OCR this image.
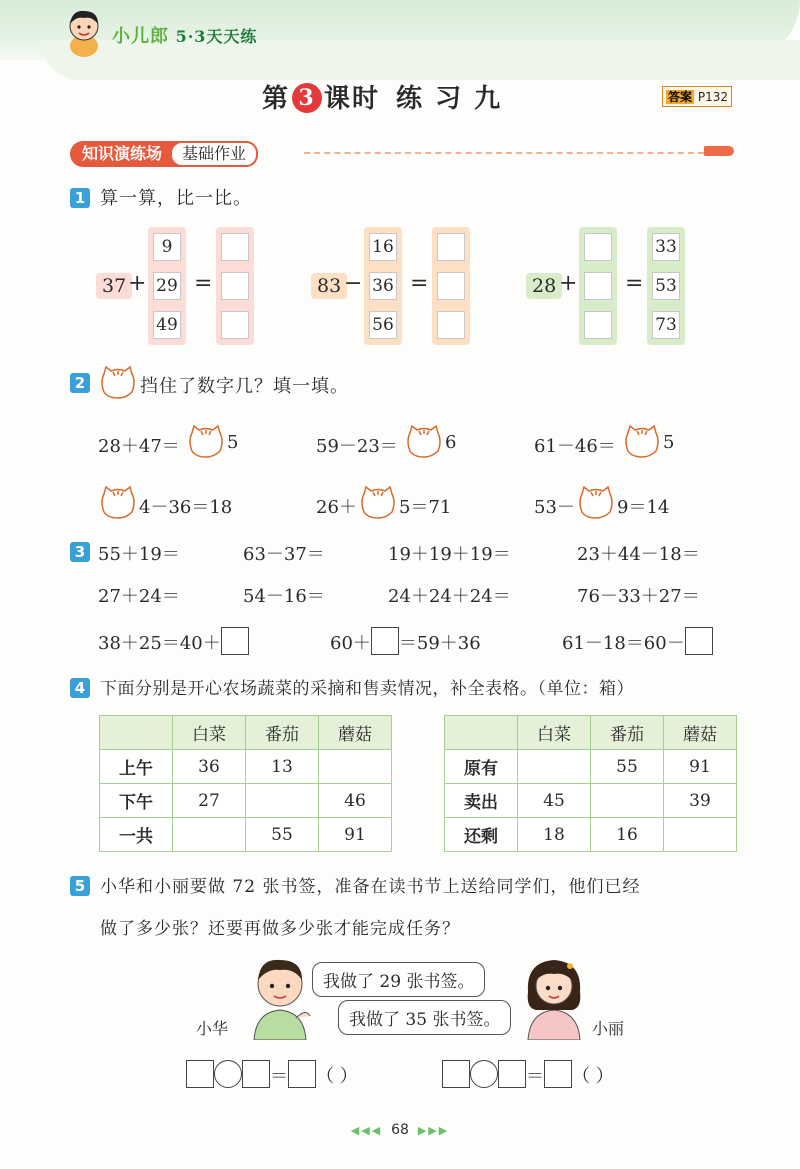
小儿郎 5·3天天练
第 3 课时 练 习 九	答案 P132
知识演练场 基础作业
1 算一算，比一比。
37 +
9
29
49
=	83 −
16
36
56
=	28 + =
33
53
73
2	挡住了数字几？填一填。
28＋47＝	5	59－23＝	6	61－46＝	5
4－36＝18	26＋ 5＝71	53－ 9＝14
3 55＋19＝	63－37＝	19＋19＋19＝	23＋44－18＝
27＋24＝	54－16＝	24＋24＋24＝	76－33＋27＝
38＋25＝40＋	60＋ ＝59＋36	61－18＝60－
4 下面分别是开心农场蔬菜的采摘和售卖情况，补全表格。（单位：箱）
	白菜	番茄	蘑菇
上午	36	13	
下午	27		46
一共		55	91
	白菜	番茄	蘑菇
原有		55	91
卖出	45		39
还剩	18	16	
5 小华和小丽要做 72 张书签，准备在读书节上送给同学们，他们已经
做了多少张？还要再做多少张才能完成任务？
小华
我做了 29 张书签。
小丽
我做了 35 张书签。
＝ （ ）	＝ （ ）
◀◀◀ 68 ▶▶▶
